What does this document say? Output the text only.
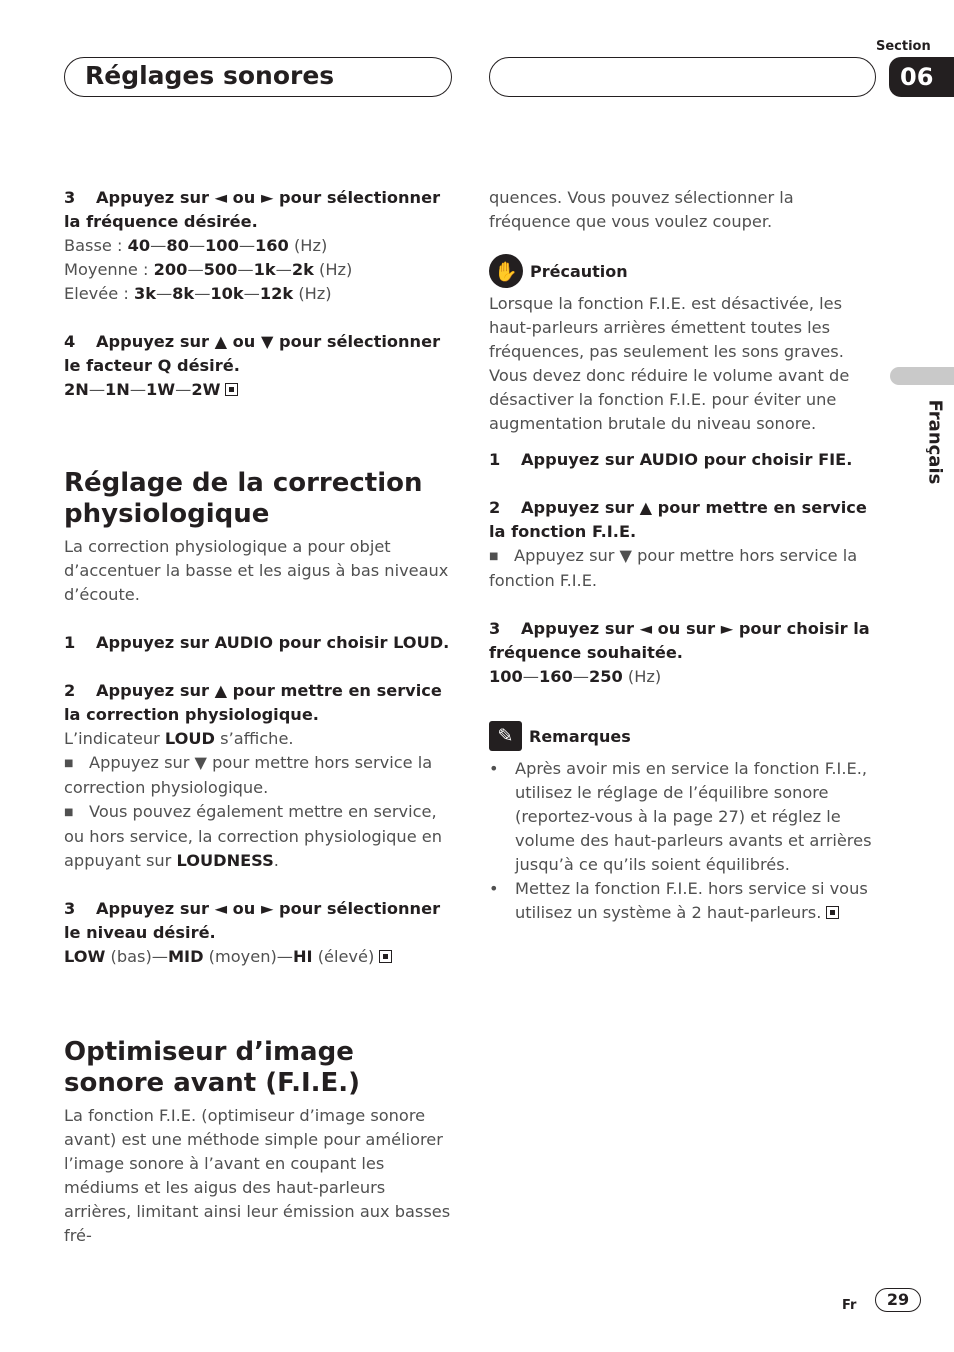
Réglages sonores
Section
06
Français
3 Appuyez sur ◄ ou ► pour sélectionner la fréquence désirée.

Basse : 40—80—100—160 (Hz)

Moyenne : 200—500—1k—2k (Hz)

Elevée : 3k—8k—10k—12k (Hz)

4 Appuyez sur ▲ ou ▼ pour sélectionner le facteur Q désiré.

2N—1N—1W—2W

Réglage de la correction physiologique

La correction physiologique a pour objet d’accentuer la basse et les aigus à bas niveaux d’écoute.

1 Appuyez sur AUDIO pour choisir LOUD.
2 Appuyez sur ▲ pour mettre en service la correction physiologique.

L’indicateur LOUD s’affiche.

■ Appuyez sur ▼ pour mettre hors service la correction physiologique.

■ Vous pouvez également mettre en service, ou hors service, la correction physiologique en appuyant sur LOUDNESS.

3 Appuyez sur ◄ ou ► pour sélectionner le niveau désiré.

LOW (bas)—MID (moyen)—HI (élevé)

Optimiseur d’image sonore avant (F.I.E.)

La fonction F.I.E. (optimiseur d’image sonore avant) est une méthode simple pour améliorer l’image sonore à l’avant en coupant les médiums et les aigus des haut-parleurs arrières, limitant ainsi leur émission aux basses fré-

quences. Vous pouvez sélectionner la fréquence que vous voulez couper.

✋ Précaution

Lorsque la fonction F.I.E. est désactivée, les haut-parleurs arrières émettent toutes les fréquences, pas seulement les sons graves. Vous devez donc réduire le volume avant de désactiver la fonction F.I.E. pour éviter une augmentation brutale du niveau sonore.

1 Appuyez sur AUDIO pour choisir FIE.
2 Appuyez sur ▲ pour mettre en service la fonction F.I.E.

■ Appuyez sur ▼ pour mettre hors service la fonction F.I.E.

3 Appuyez sur ◄ ou sur ► pour choisir la fréquence souhaitée.

100—160—250 (Hz)

✎ Remarques

• Après avoir mis en service la fonction F.I.E., utilisez le réglage de l’équilibre sonore (reportez-vous à la page 27) et réglez le volume des haut-parleurs avants et arrières jusqu’à ce qu’ils soient équilibrés.

• Mettez la fonction F.I.E. hors service si vous utilisez un système à 2 haut-parleurs.

Fr	29
